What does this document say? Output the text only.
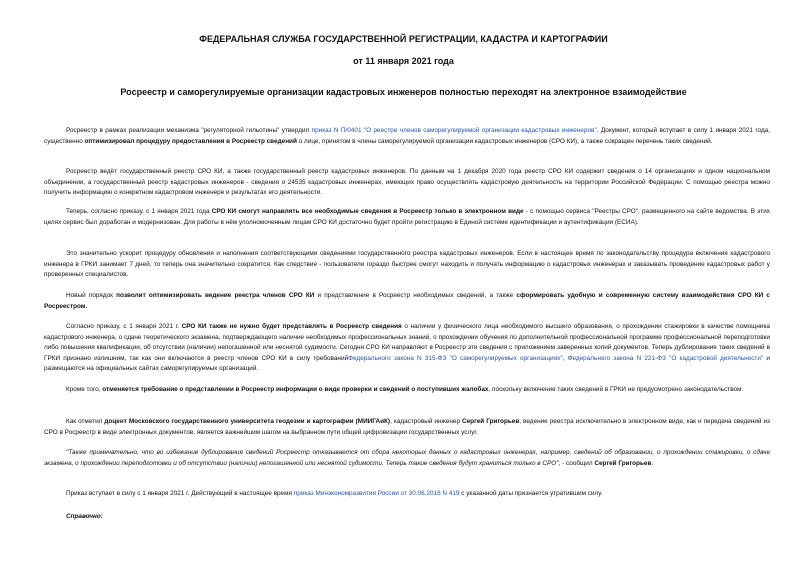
ФЕДЕРАЛЬНАЯ СЛУЖБА ГОСУДАРСТВЕННОЙ РЕГИСТРАЦИИ, КАДАСТРА И КАРТОГРАФИИ
от 11 января 2021 года
Росреестр и саморегулируемые организации кадастровых инженеров полностью переходят на электронное взаимодействие

Росреестр в рамках реализации механизма "регуляторной гильотины" утвердил приказ N П/0401 "О реестре членов саморегулируемой организации кадастровых инженеров". Документ, который вступает в силу 1 января 2021 года, существенно оптимизировал процедуру предоставления в Росреестр сведений о лице, принятом в члены саморегулируемой организации кадастровых инженеров (СРО КИ), а также сокращен перечень таких сведений.

Росреестр ведёт государственный реестр СРО КИ, а также государственный реестр кадастровых инженеров. По данным на 1 декабря 2020 года реестр СРО КИ содержит сведения о 14 организациях и одном национальном объединении, а государственный реестр кадастровых инженеров - сведения о 24535 кадастровых инженерах, имеющих право осуществлять кадастровую деятельность на территории Российской Федерации. С помощью реестра можно получить информацию о конкретном кадастровом инженере и результатах его деятельности.

Теперь, согласно приказу, с 1 января 2021 года СРО КИ смогут направлять все необходимые сведения в Росреестр только в электронном виде - с помощью сервиса "Реестры СРО", размещенного на сайте ведомства. В этих целях сервис был доработан и модернизован. Для работы в нём уполномоченным лицам СРО КИ достаточно будет пройти регистрацию в Единой системе идентификации и аутентификации (ЕСИА).

Это значительно ускорит процедуру обновления и наполнения соответствующими сведениями государственного реестра кадастровых инженеров. Если в настоящее время по законодательству процедура включения кадастрового инженера в ГРКИ занимает 7 дней, то теперь она значительно сократится. Как следствие - пользователи гораздо быстрее смогут находить и получать информацию о кадастровых инженерах и заказывать проведение кадастровых работ у проверенных специалистов.

Новый порядок позволит оптимизировать ведение реестра членов СРО КИ и представление в Росреестр необходимых сведений, а также сформировать удобную и современную систему взаимодействия СРО КИ с Росреестром.

Согласно приказу, с 1 января 2021 г. СРО КИ также не нужно будет представлять в Росреестр сведения о наличии у физического лица необходимого высшего образования, о прохождении стажировки в качестве помощника кадастрового инженера, о сдаче теоретического экзамена, подтверждающего наличие необходимых профессиональных знаний, о прохождении обучения по дополнительной профессиональной программе профессиональной переподготовки либо повышения квалификации, об отсутствии (наличии) непогашенной или неснятой судимости. Сегодня СРО КИ направляют в Росреестр эти сведения с приложением заверенных копий документов. Теперь дублирование таких сведений в ГРКИ признано излишним, так как они включаются в реестр членов СРО КИ в силу требованийФедерального закона N 315-ФЗ "О саморегулируемых организациях", Федерального закона N 221-ФЗ "О кадастровой деятельности" и размещаются на официальных сайтах саморегулируемых организаций.

Кроме того, отменяется требование о представлении в Росреестр информации о виде проверки и сведений о поступивших жалобах, поскольку включение таких сведений в ГРКИ не предусмотрено законодательством.

Как отметил доцент Московского государственного университета геодезии и картографии (МИИГАиК), кадастровый инженер Сергей Григорьев, ведение реестра исключительно в электронном виде, как и передача сведений из СРО в Росреестр в виде электронных документов, является важнейшим шагом на выбранном пути общей цифровизации государственных услуг.

"Также примечательно, что во избежание дублирования сведений Росреестр отказывается от сбора некоторых данных о кадастровых инженерах, например, сведений об образовании, о прохождении стажировки, о сдаче экзамена, о прохождении переподготовки и об отсутствии (наличии) непогашенной или неснятой судимости. Теперь такие сведения будут храниться только в СРО", - сообщил Сергей Григорьев.

Приказ вступает в силу с 1 января 2021 г. Действующий в настоящее время приказ Минэкономразвития России от 30.06.2016 N 419 с указанной даты признается утратившим силу.

Справочно:
